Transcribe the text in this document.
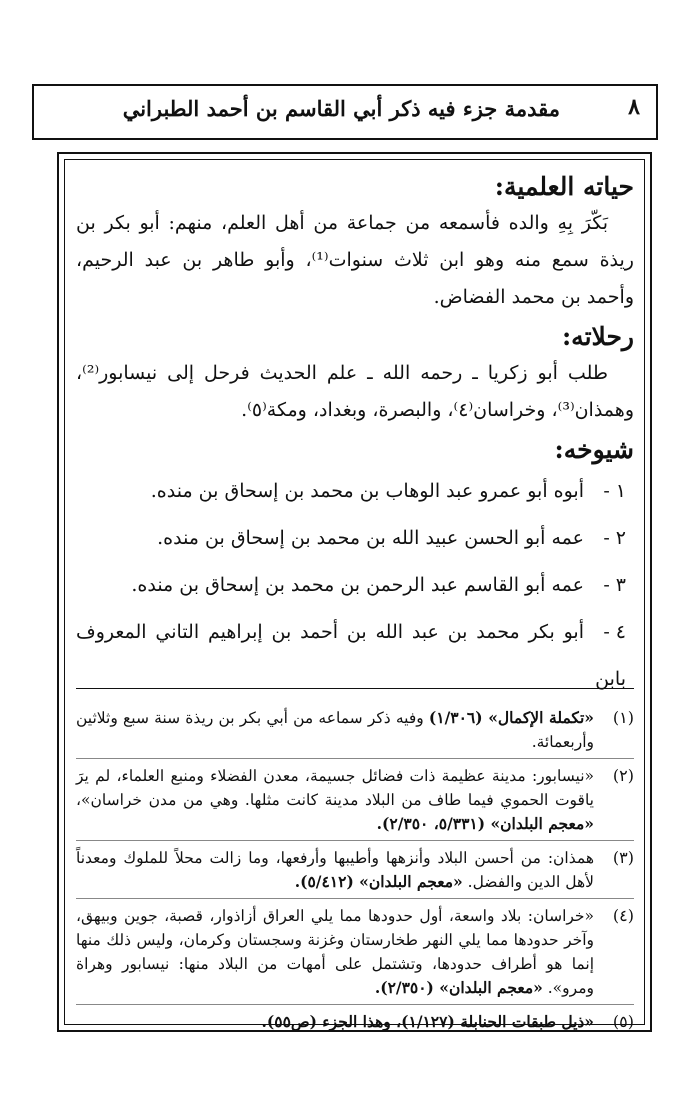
٨
مقدمة جزء فيه ذكر أبي القاسم بن أحمد الطبراني
حياته العلمية:

بَكّرَ بِهِ والده فأسمعه من جماعة من أهل العلم، منهم: أبو بكر بن ريذة سمع منه وهو ابن ثلاث سنوات⁽¹⁾، وأبو طاهر بن عبد الرحيم، وأحمد بن محمد الفضاض.

رحلاته:

طلب أبو زكريا ـ رحمه الله ـ علم الحديث فرحل إلى نيسابور⁽²⁾، وهمذان⁽³⁾، وخراسان⁽٤⁾، والبصرة، وبغداد، ومكة⁽٥⁾.

شيوخه:
١ -أبوه أبو عمرو عبد الوهاب بن محمد بن إسحاق بن منده.
٢ -عمه أبو الحسن عبيد الله بن محمد بن إسحاق بن منده.
٣ -عمه أبو القاسم عبد الرحمن بن محمد بن إسحاق بن منده.
٤ -أبو بكر محمد بن عبد الله بن أحمد بن إبراهيم التاني المعروف بابن
(١)
«تكملة الإكمال» (١/٣٠٦) وفيه ذكر سماعه من أبي بكر بن ريذة سنة سبع وثلاثين وأربعمائة.
(٢)
«نيسابور: مدينة عظيمة ذات فضائل جسيمة، معدن الفضلاء ومنبع العلماء، لم يرَ ياقوت الحموي فيما طاف من البلاد مدينة كانت مثلها. وهي من مدن خراسان»، «معجم البلدان» (٥/٣٣١، ٢/٣٥٠).
(٣)
همذان: من أحسن البلاد وأنزهها وأطيبها وأرفعها، وما زالت محلاً للملوك ومعدناً لأهل الدين والفضل. «معجم البلدان» (٥/٤١٢).
(٤)
«خراسان: بلاد واسعة، أول حدودها مما يلي العراق أزاذوار، قصبة، جوين وبيهق، وآخر حدودها مما يلي النهر طخارستان وغزنة وسجستان وكرمان، وليس ذلك منها إنما هو أطراف حدودها، وتشتمل على أمهات من البلاد منها: نيسابور وهراة ومرو». «معجم البلدان» (٢/٣٥٠).
(٥)
«ذيل طبقات الحنابلة (١/١٢٧)، وهذا الجزء (ص٥٥).
